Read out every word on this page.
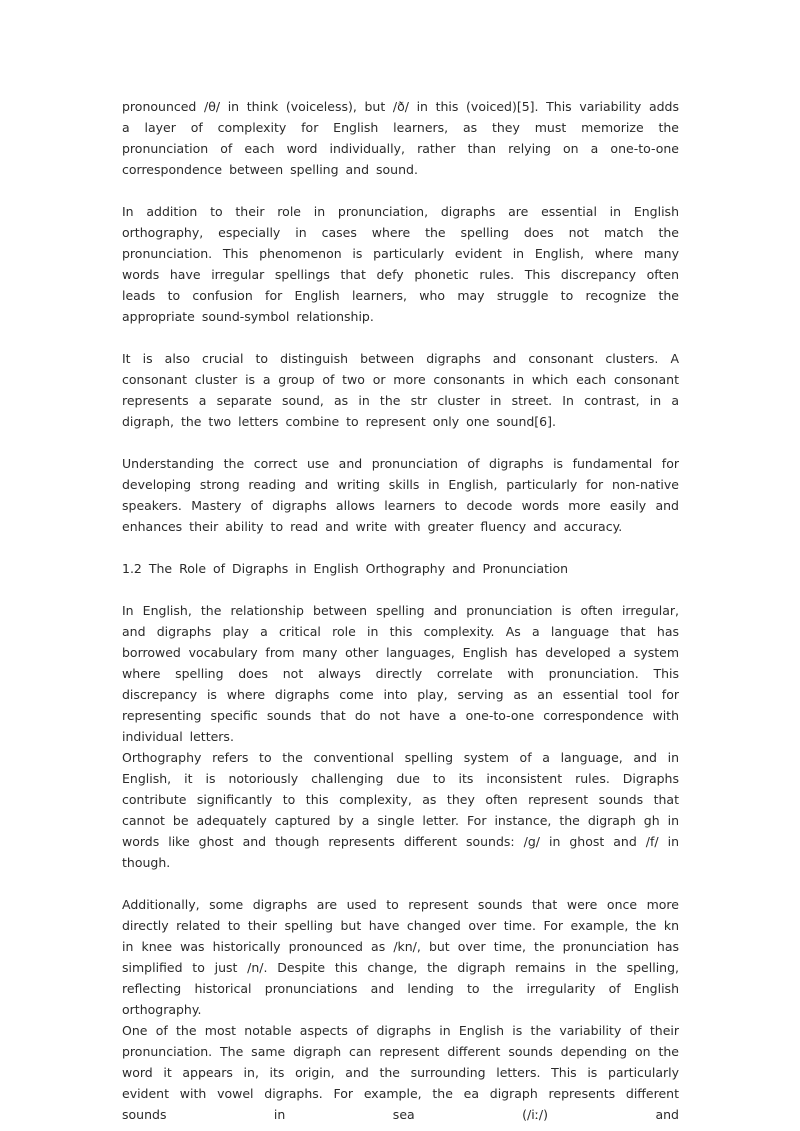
pronounced /θ/ in think (voiceless), but /ð/ in this (voiced)[5]. This variability adds a layer of complexity for English learners, as they must memorize the pronunciation of each word individually, rather than relying on a one-to-one correspondence between spelling and sound.

In addition to their role in pronunciation, digraphs are essential in English orthography, especially in cases where the spelling does not match the pronunciation. This phenomenon is particularly evident in English, where many words have irregular spellings that defy phonetic rules. This discrepancy often leads to confusion for English learners, who may struggle to recognize the appropriate sound-symbol relationship.

It is also crucial to distinguish between digraphs and consonant clusters. A consonant cluster is a group of two or more consonants in which each consonant represents a separate sound, as in the str cluster in street. In contrast, in a digraph, the two letters combine to represent only one sound[6].

Understanding the correct use and pronunciation of digraphs is fundamental for developing strong reading and writing skills in English, particularly for non-native speakers. Mastery of digraphs allows learners to decode words more easily and enhances their ability to read and write with greater fluency and accuracy.

1.2 The Role of Digraphs in English Orthography and Pronunciation

In English, the relationship between spelling and pronunciation is often irregular, and digraphs play a critical role in this complexity. As a language that has borrowed vocabulary from many other languages, English has developed a system where spelling does not always directly correlate with pronunciation. This discrepancy is where digraphs come into play, serving as an essential tool for representing specific sounds that do not have a one-to-one correspondence with individual letters.

Orthography refers to the conventional spelling system of a language, and in English, it is notoriously challenging due to its inconsistent rules. Digraphs contribute significantly to this complexity, as they often represent sounds that cannot be adequately captured by a single letter. For instance, the digraph gh in words like ghost and though represents different sounds: /g/ in ghost and /f/ in though.

Additionally, some digraphs are used to represent sounds that were once more directly related to their spelling but have changed over time. For example, the kn in knee was historically pronounced as /kn/, but over time, the pronunciation has simplified to just /n/. Despite this change, the digraph remains in the spelling, reflecting historical pronunciations and lending to the irregularity of English orthography.

One of the most notable aspects of digraphs in English is the variability of their pronunciation. The same digraph can represent different sounds depending on the word it appears in, its origin, and the surrounding letters. This is particularly evident with vowel digraphs. For example, the ea digraph represents different sounds in sea (/iː/) and
